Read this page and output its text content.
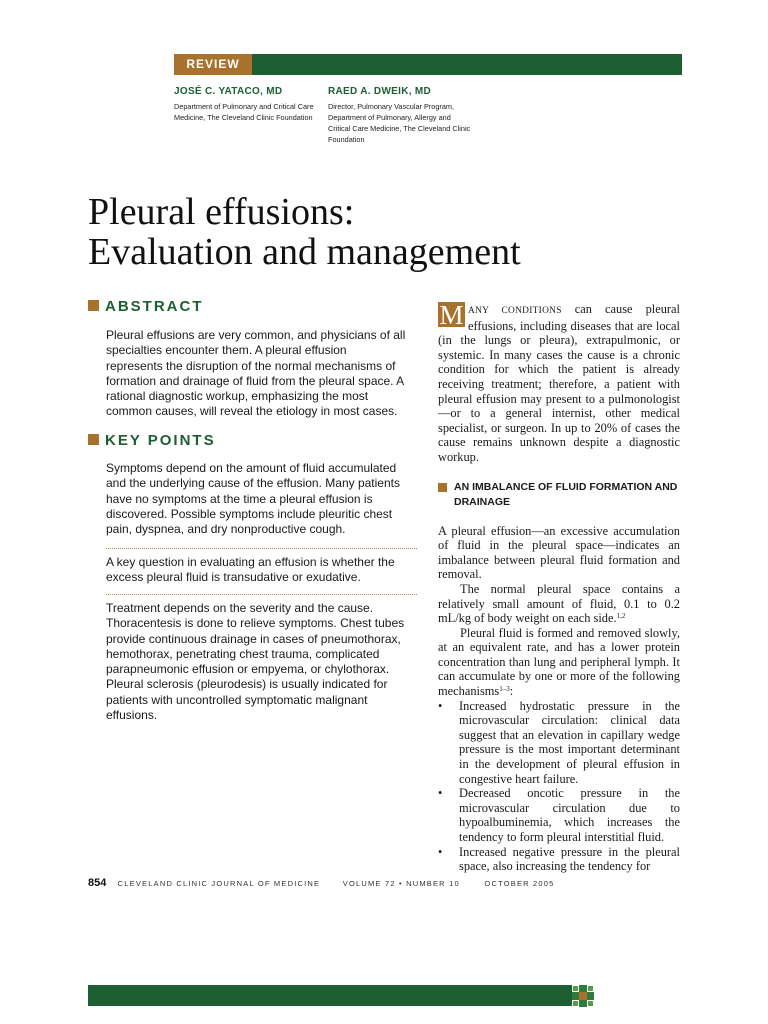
REVIEW
JOSÉ C. YATACO, MD
Department of Pulmonary and Critical Care
Medicine, The Cleveland Clinic Foundation
RAED A. DWEIK, MD
Director, Pulmonary Vascular Program,
Department of Pulmonary, Allergy and
Critical Care Medicine, The Cleveland Clinic
Foundation
Pleural effusions:
Evaluation and management
ABSTRACT
Pleural effusions are very common, and physicians of all specialties encounter them. A pleural effusion represents the disruption of the normal mechanisms of formation and drainage of fluid from the pleural space. A rational diagnostic workup, emphasizing the most common causes, will reveal the etiology in most cases.
KEY POINTS
Symptoms depend on the amount of fluid accumulated and the underlying cause of the effusion. Many patients have no symptoms at the time a pleural effusion is discovered. Possible symptoms include pleuritic chest pain, dyspnea, and dry nonproductive cough.
A key question in evaluating an effusion is whether the excess pleural fluid is transudative or exudative.
Treatment depends on the severity and the cause. Thoracentesis is done to relieve symptoms. Chest tubes provide continuous drainage in cases of pneumothorax, hemothorax, penetrating chest trauma, complicated parapneumonic effusion or empyema, or chylothorax. Pleural sclerosis (pleurodesis) is usually indicated for patients with uncontrolled symptomatic malignant effusions.

M ANY CONDITIONS can cause pleural effusions, including diseases that are local (in the lungs or pleura), extrapulmonic, or systemic. In many cases the cause is a chronic condition for which the patient is already receiving treatment; therefore, a patient with pleural effusion may present to a pulmonologist—or to a general internist, other medical specialist, or surgeon. In up to 20% of cases the cause remains unknown despite a diagnostic workup.

AN IMBALANCE OF FLUID FORMATION AND DRAINAGE

A pleural effusion—an excessive accumulation of fluid in the pleural space—indicates an imbalance between pleural fluid formation and removal.

The normal pleural space contains a relatively small amount of fluid, 0.1 to 0.2 mL/kg of body weight on each side.$^{1,2}$

Pleural fluid is formed and removed slowly, at an equivalent rate, and has a lower protein concentration than lung and peripheral lymph. It can accumulate by one or more of the following mechanisms$^{1-3}$:

• Increased hydrostatic pressure in the microvascular circulation: clinical data suggest that an elevation in capillary wedge pressure is the most important determinant in the development of pleural effusion in congestive heart failure.
• Decreased oncotic pressure in the microvascular circulation due to hypoalbuminemia, which increases the tendency to form pleural interstitial fluid.
• Increased negative pressure in the pleural space, also increasing the tendency for
854 CLEVELAND CLINIC JOURNAL OF MEDICINE	VOLUME 72 • NUMBER 10	OCTOBER 2005
